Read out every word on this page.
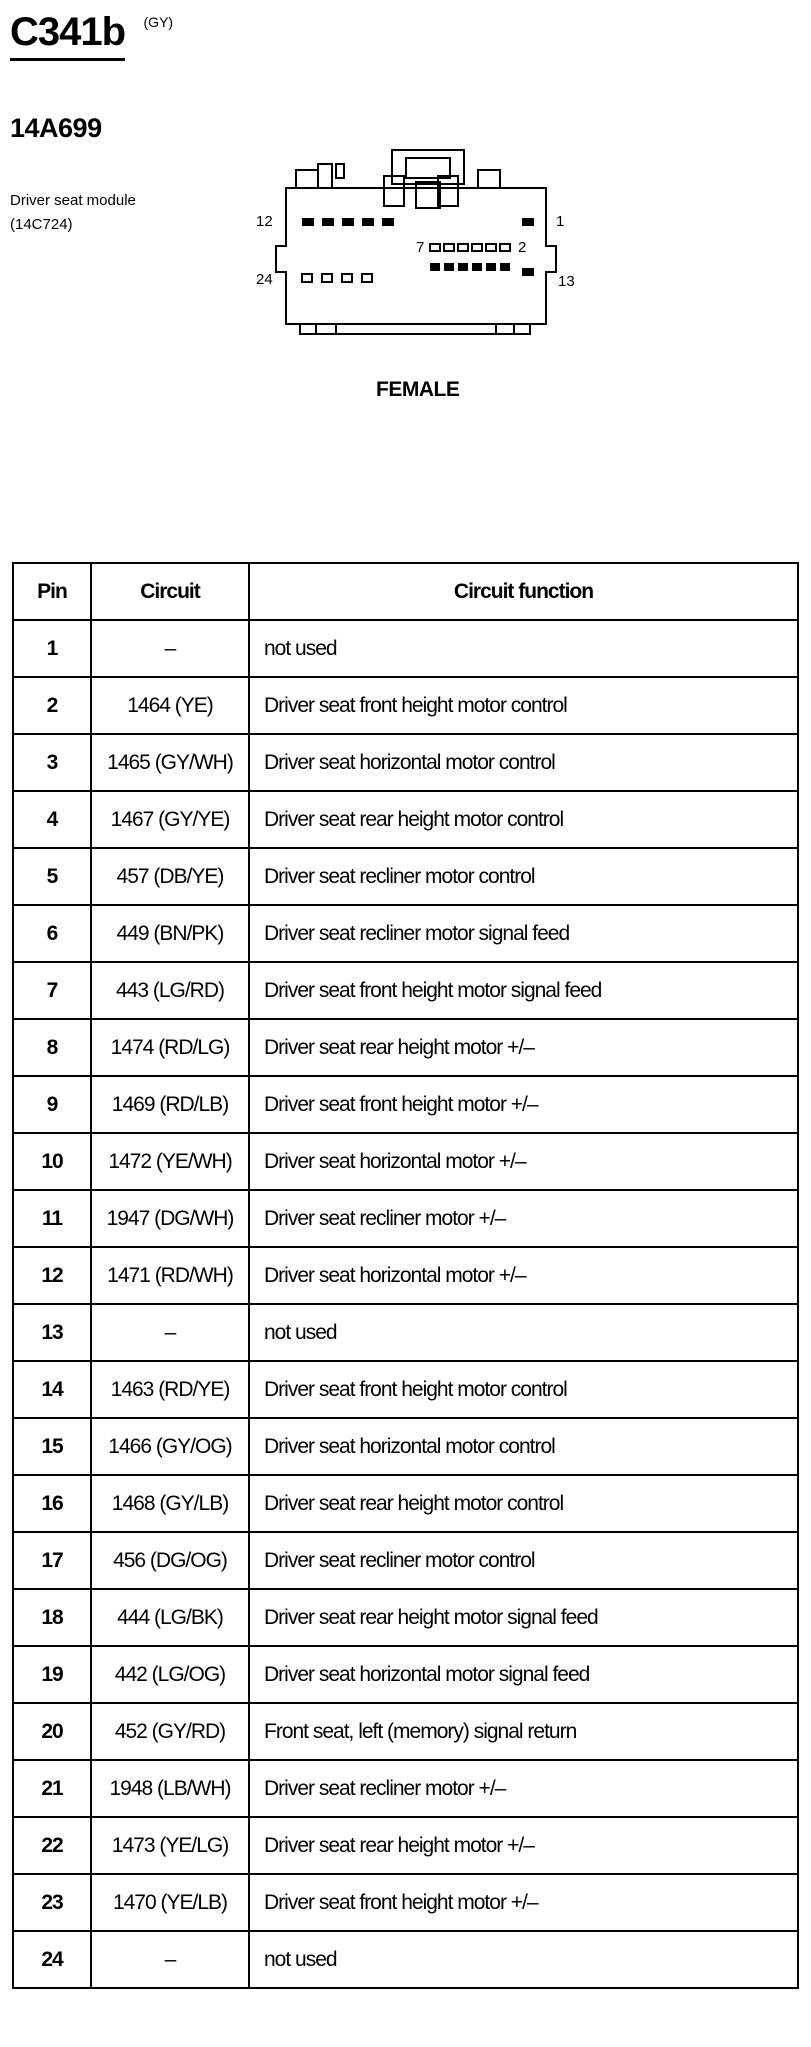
C341b (GY)
14A699
Driver seat module
(14C724)	12	1
24	13
7	2
FEMALE
Pin	Circuit	Circuit function
1	–	not used
2	1464 (YE)	Driver seat front height motor control
3	1465 (GY/WH)	Driver seat horizontal motor control
4	1467 (GY/YE)	Driver seat rear height motor control
5	457 (DB/YE)	Driver seat recliner motor control
6	449 (BN/PK)	Driver seat recliner motor signal feed
7	443 (LG/RD)	Driver seat front height motor signal feed
8	1474 (RD/LG)	Driver seat rear height motor +/–
9	1469 (RD/LB)	Driver seat front height motor +/–
10	1472 (YE/WH)	Driver seat horizontal motor +/–
11	1947 (DG/WH)	Driver seat recliner motor +/–
12	1471 (RD/WH)	Driver seat horizontal motor +/–
13	–	not used
14	1463 (RD/YE)	Driver seat front height motor control
15	1466 (GY/OG)	Driver seat horizontal motor control
16	1468 (GY/LB)	Driver seat rear height motor control
17	456 (DG/OG)	Driver seat recliner motor control
18	444 (LG/BK)	Driver seat rear height motor signal feed
19	442 (LG/OG)	Driver seat horizontal motor signal feed
20	452 (GY/RD)	Front seat, left (memory) signal return
21	1948 (LB/WH)	Driver seat recliner motor +/–
22	1473 (YE/LG)	Driver seat rear height motor +/–
23	1470 (YE/LB)	Driver seat front height motor +/–
24	–	not used
